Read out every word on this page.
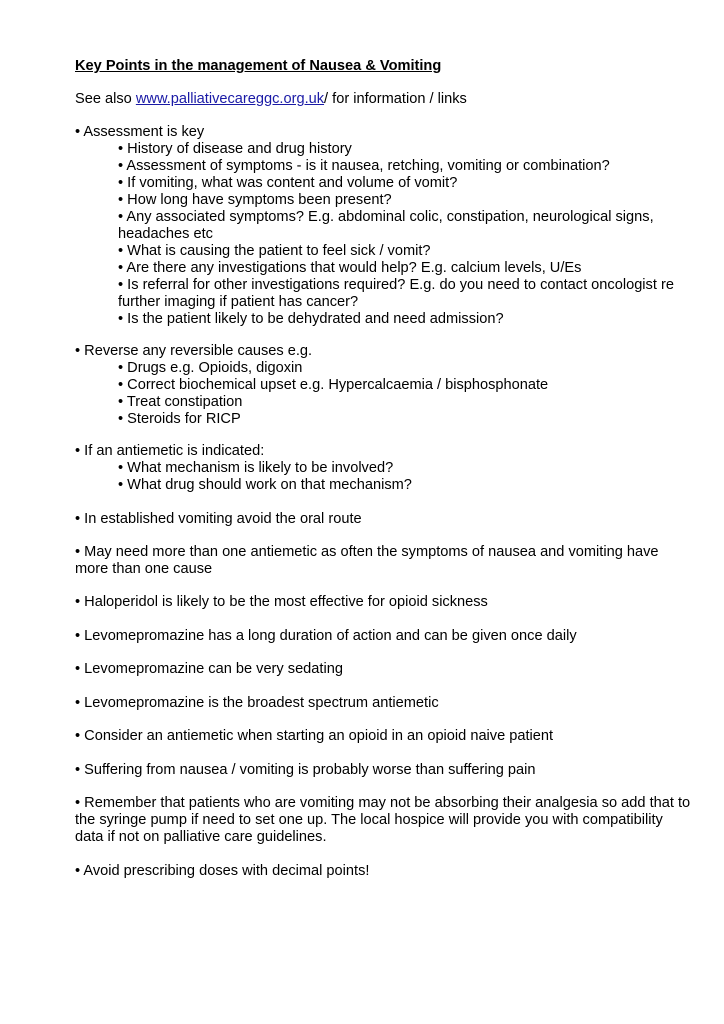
Key Points in the management of Nausea & Vomiting
See also www.palliativecareggc.org.uk/ for information / links
• Assessment is key
• History of disease and drug history
• Assessment of symptoms - is it nausea, retching, vomiting or combination?
• If vomiting, what was content and volume of vomit?
• How long have symptoms been present?
• Any associated symptoms? E.g. abdominal colic, constipation, neurological signs, headaches etc
• What is causing the patient to feel sick / vomit?
• Are there any investigations that would help? E.g. calcium levels, U/Es
• Is referral for other investigations required? E.g. do you need to contact oncologist re further imaging if patient has cancer?
• Is the patient likely to be dehydrated and need admission?
• Reverse any reversible causes e.g.
• Drugs e.g. Opioids, digoxin
• Correct biochemical upset e.g. Hypercalcaemia / bisphosphonate
• Treat constipation
• Steroids for RICP
• If an antiemetic is indicated:
• What mechanism is likely to be involved?
• What drug should work on that mechanism?
• In established vomiting avoid the oral route
• May need more than one antiemetic as often the symptoms of nausea and vomiting have more than one cause
• Haloperidol is likely to be the most effective for opioid sickness
• Levomepromazine has a long duration of action and can be given once daily
• Levomepromazine can be very sedating
• Levomepromazine is the broadest spectrum antiemetic
• Consider an antiemetic when starting an opioid in an opioid naive patient
• Suffering from nausea / vomiting is probably worse than suffering pain
• Remember that patients who are vomiting may not be absorbing their analgesia so add that to the syringe pump if need to set one up. The local hospice will provide you with compatibility data if not on palliative care guidelines.
• Avoid prescribing doses with decimal points!
